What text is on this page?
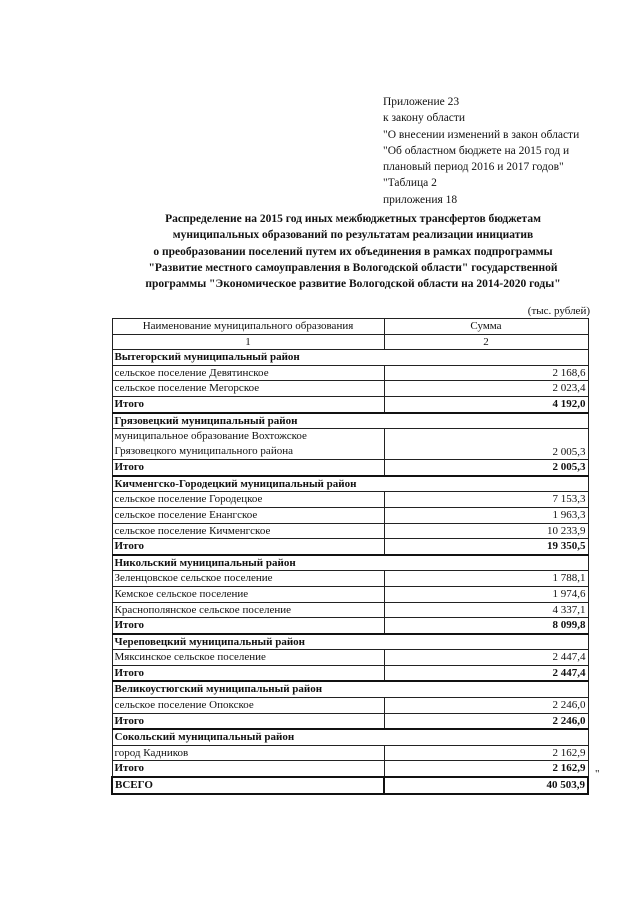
Приложение 23
к закону области
"О внесении изменений в закон области
"Об областном бюджете на 2015 год и
плановый период 2016 и 2017 годов"
"Таблица 2
приложения 18
Распределение на 2015 год иных межбюджетных трансфертов бюджетам
муниципальных образований по результатам реализации инициатив
о преобразовании поселений путем их объединения в рамках подпрограммы
"Развитие местного самоуправления в Вологодской области" государственной
программы "Экономическое развитие Вологодской области на 2014-2020 годы"
(тыс. рублей)
Наименование муниципального образования	Сумма
1	2
Вытегорский муниципальный район	
сельское поселение Девятинское	2 168,6
сельское поселение Мегорское	2 023,4
Итого	4 192,0
Грязовецкий муниципальный район	

муниципальное образование Вохтожское
Грязовецкого муниципального района	2 005,3
Итого	2 005,3
Кичменгско-Городецкий муниципальный район	
сельское поселение Городецкое	7 153,3
сельское поселение Енангское	1 963,3
сельское поселение Кичменгское	10 233,9
Итого	19 350,5
Никольский муниципальный район	
Зеленцовское сельское поселение	1 788,1
Кемское сельское поселение	1 974,6
Краснополянское сельское поселение	4 337,1
Итого	8 099,8
Череповецкий муниципальный район	
Мяксинское сельское поселение	2 447,4
Итого	2 447,4
Великоустюгский муниципальный район	
сельское поселение Опокское	2 246,0
Итого	2 246,0
Сокольский муниципальный район	
город Кадников	2 162,9
Итого	2 162,9
ВСЕГО	40 503,9
"
